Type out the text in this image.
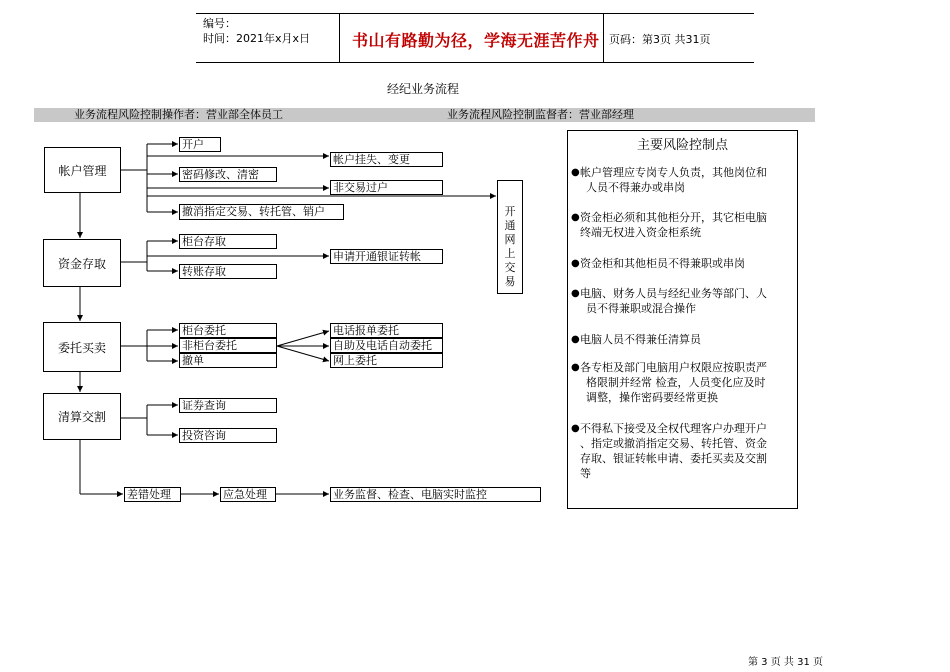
编号：
时间：2021年x月x日	书山有路勤为径，学海无涯苦作舟 页码：第3页 共31页
经纪业务流程
业务流程风险控制操作者：营业部全体员工	业务流程风险控制监督者：营业部经理
帐户管理
资金存取
委托买卖
清算交割
开户
帐户挂失、变更
密码修改、清密
非交易过户
撤消指定交易、转托管、销户	开
通
网
上
交
易
柜台存取
申请开通银证转帐
转账存取
柜台委托
非柜台委托
撤单
电话报单委托
自助及电话自动委托
网上委托
证券查询
投资咨询
差错处理	应急处理	业务监督、检查、电脑实时监控
主要风险控制点
● 帐户管理应专岗专人负责，其他岗位和
人员不得兼办或串岗
● 资金柜必须和其他柜分开，其它柜电脑
终端无权进入资金柜系统
● 资金柜和其他柜员不得兼职或串岗
● 电脑、财务人员与经纪业务等部门、人
员不得兼职或混合操作
● 电脑人员不得兼任清算员
● 各专柜及部门电脑用户权限应按职责严
格限制并经常 检查，人员变化应及时
调整，操作密码要经常更换
● 不得私下接受及全权代理客户办理开户
、指定或撤消指定交易、转托管、资金
存取、银证转帐申请、委托买卖及交割
等
第 3 页 共 31 页
